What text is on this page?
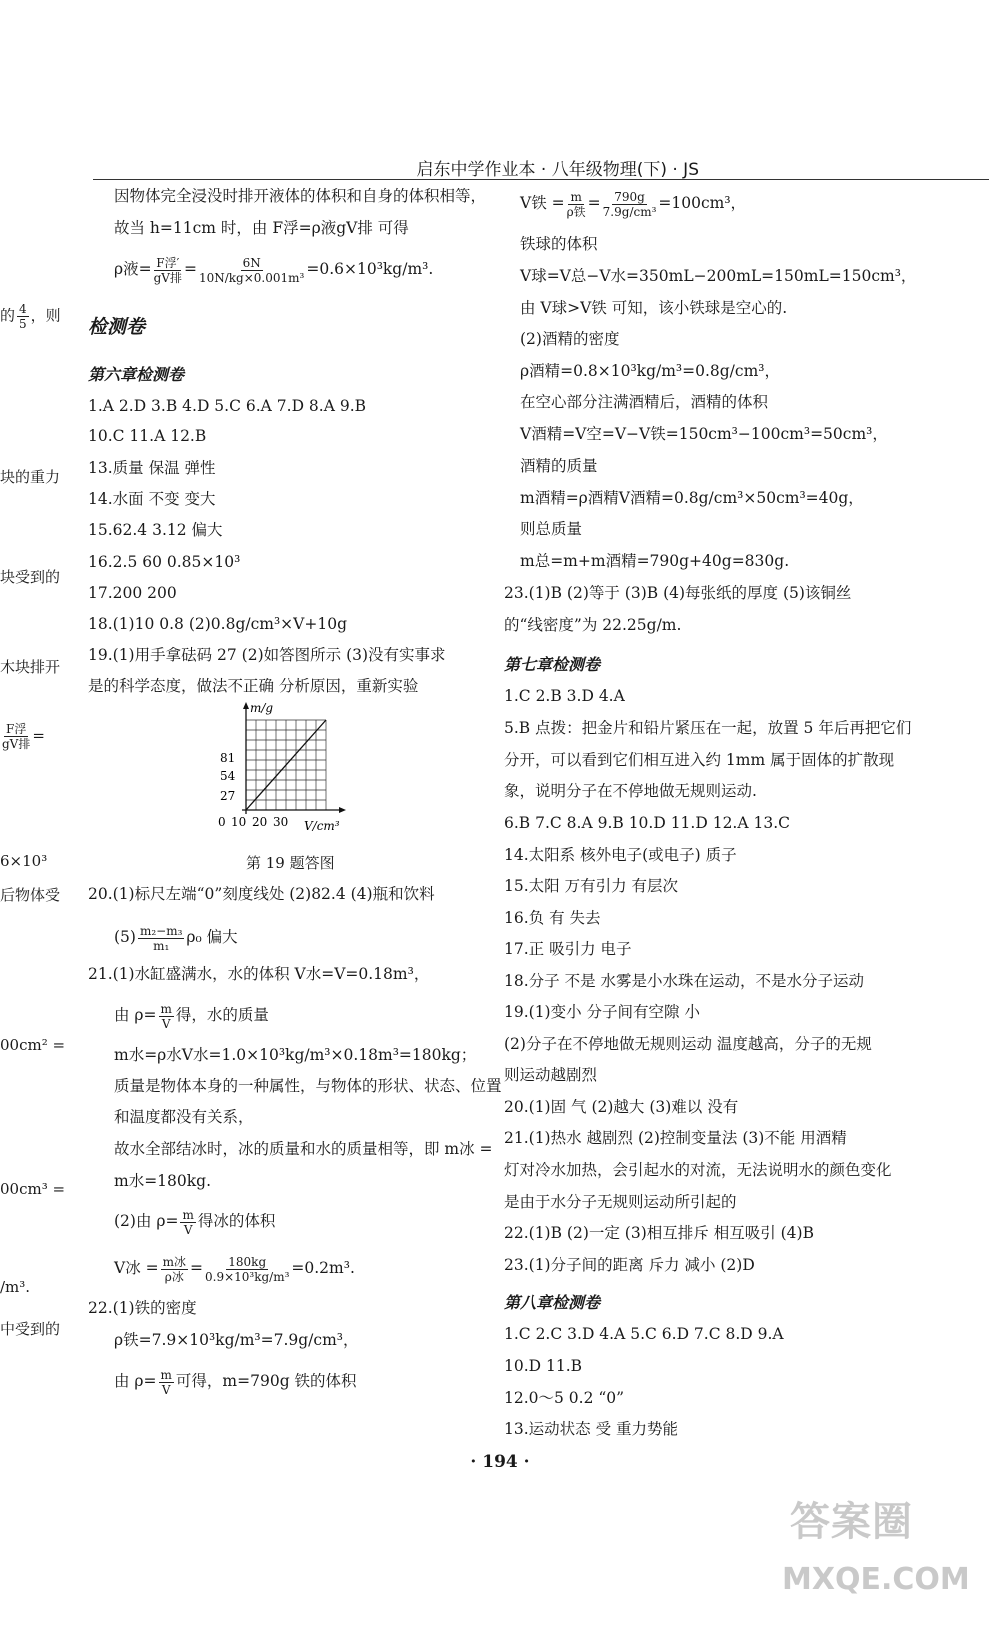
启东中学作业本 · 八年级物理(下) · JS
的 $\frac{4}{5}$ ，则
块的重力
块受到的
木块排开
$\frac{\text{F浮}}{\text{gV排}}$ =
6×10³
后物体受
00cm² =
00cm³ =
/m³.
中受到的
因物体完全浸没时排开液体的体积和自身的体积相等，
故当 h=11cm 时，由 F浮=ρ液gV排 可得
ρ液= $\frac{\text{F浮′}}{\text{gV排}} = \frac{6N}{\text{10N/kg×0.001m³}} =0.6\times 10^3kg/m^3$.
检测卷
第六章检测卷
1.A 2.D 3.B 4.D 5.C 6.A 7.D 8.A 9.B
10.C 11.A 12.B
13.质量 保温 弹性
14.水面 不变 变大
15.62.4 3.12 偏大
16.2.5 60 0.85×10³
17.200 200
18.(1)10 0.8 (2)0.8g/cm³×V+10g
19.(1)用手拿砝码 27 (2)如答图所示 (3)没有实事求
是的科学态度，做法不正确 分析原因，重新实验
m/g
81
54
27
0 10 20 30 V/cm³
第 19 题答图
20.(1)标尺左端“0”刻度线处 (2)82.4 (4)瓶和饮料
$(5) \frac{\text{m₂−m₃}}{\text{m₁}} \rho_0$ 偏大
21.(1)水缸盛满水，水的体积 V水=V=0.18m³，
由 $\rho= \frac{m}{V}$ 得，水的质量
m水=ρ水V水=1.0×10³kg/m³×0.18m³=180kg；
质量是物体本身的一种属性，与物体的形状、状态、位置
和温度都没有关系，
故水全部结冰时，冰的质量和水的质量相等，即 m冰 =
m水=180kg.
(2)由 $\rho= \frac{m}{V}$ 得冰的体积
V冰 = $\frac{\text{m冰}}{\text{ρ冰}} = \frac{180kg}{\text{0.9×10³kg/m³}} =0.2m^3$.
22.(1)铁的密度
ρ铁=7.9×10³kg/m³=7.9g/cm³，
由 $\rho= \frac{m}{V}$ 可得，m=790g 铁的体积
V铁 = $\frac{m}{\text{ρ铁}} = \frac{790g}{\text{7.9g/cm³}} =100cm^3$，
铁球的体积
V球=V总−V水=350mL−200mL=150mL=150cm³，
由 V球>V铁 可知，该小铁球是空心的.
(2)酒精的密度
ρ酒精=0.8×10³kg/m³=0.8g/cm³，
在空心部分注满酒精后，酒精的体积
V酒精=V空=V−V铁=150cm³−100cm³=50cm³，
酒精的质量
m酒精=ρ酒精V酒精=0.8g/cm³×50cm³=40g，
则总质量
m总=m+m酒精=790g+40g=830g.
23.(1)B (2)等于 (3)B (4)每张纸的厚度 (5)该铜丝
的“线密度”为 22.25g/m.
第七章检测卷
1.C 2.B 3.D 4.A
5.B 点拨：把金片和铅片紧压在一起，放置 5 年后再把它们
分开，可以看到它们相互进入约 1mm 属于固体的扩散现
象，说明分子在不停地做无规则运动.
6.B 7.C 8.A 9.B 10.D 11.D 12.A 13.C
14.太阳系 核外电子(或电子) 质子
15.太阳 万有引力 有层次
16.负 有 失去
17.正 吸引力 电子
18.分子 不是 水雾是小水珠在运动，不是水分子运动
19.(1)变小 分子间有空隙 小
(2)分子在不停地做无规则运动 温度越高，分子的无规
则运动越剧烈
20.(1)固 气 (2)越大 (3)难以 没有
21.(1)热水 越剧烈 (2)控制变量法 (3)不能 用酒精
灯对冷水加热，会引起水的对流，无法说明水的颜色变化
是由于水分子无规则运动所引起的
22.(1)B (2)一定 (3)相互排斥 相互吸引 (4)B
23.(1)分子间的距离 斥力 减小 (2)D
第八章检测卷
1.C 2.C 3.D 4.A 5.C 6.D 7.C 8.D 9.A
10.D 11.B
12.0～5 0.2 “0”
13.运动状态 受 重力势能
· 194 ·
答案圈
MXQE.COM
